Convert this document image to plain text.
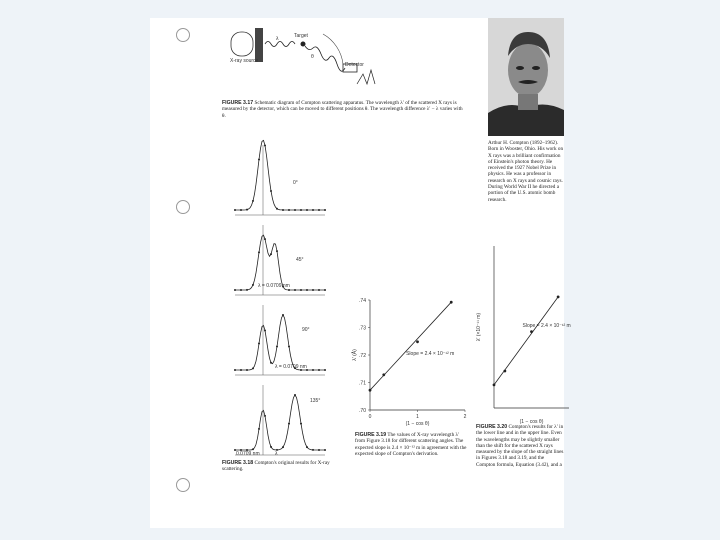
Target
X-ray source
Detector
θ
λ
FIGURE 3.17 Schematic diagram of Compton scattering apparatus. The wavelength λ′ of the scattered X rays is measured by the detector, which can be moved to different positions θ. The wavelength difference λ′ − λ varies with θ.
Arthur H. Compton (1892–1962). Born in Wooster, Ohio. His work on X rays was a brilliant confirmation of Einstein's photon theory. He received the 1927 Nobel Prize in physics. He was a professor in research on X rays and cosmic rays. During World War II he directed a portion of the U.S. atomic bomb research.
0°
45°
90°
135°
λ = 0.0709 nm
λ = 0.0709 nm
0.0709 nm	λ
FIGURE 3.18 Compton's original results for X-ray scattering.
.74
.73
.72
.71
.70
0	1	2
Slope = 2.4 × 10⁻¹² m
λ′ (Å)
(1 − cos θ)
FIGURE 3.19 The values of X-ray wavelength λ′ from Figure 3.18 for different scattering angles. The expected slope is 2.4 × 10⁻¹² m in agreement with the expected slope of Compton's derivation.
Slope = 2.4 × 10⁻¹² m
λ′ (×10⁻¹¹ m)
(1 − cos θ)
FIGURE 3.20 Compton's results for λ′ in the lower line and in the upper line. Even the wavelengths may be slightly smaller than the shift for the scattered X rays measured by the slope of the straight lines in Figures 3.18 and 3.19, and the Compton formula, Equation (3.42), and a
